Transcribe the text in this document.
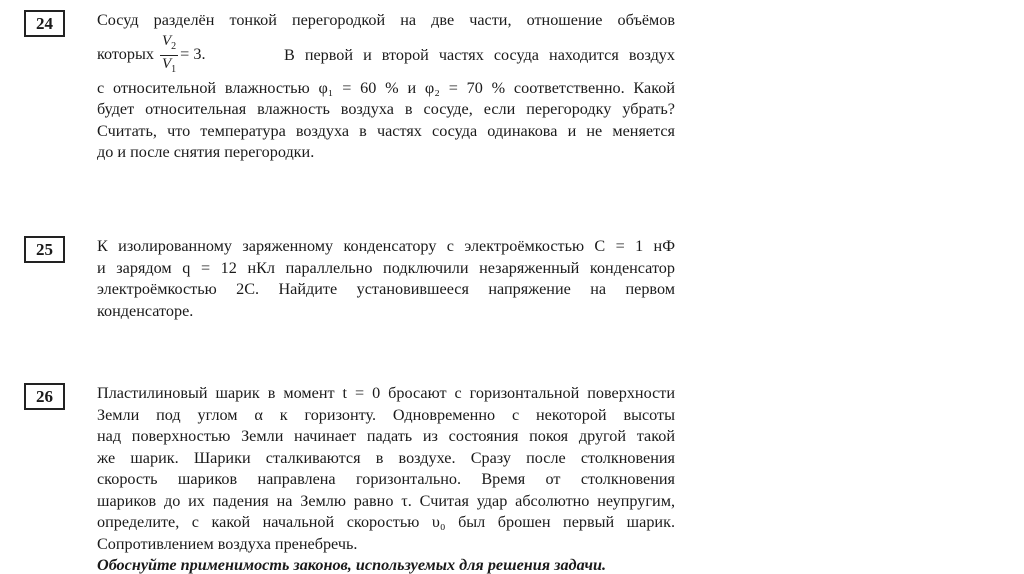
24	Сосуд разделён тонкой перегородкой на две части, отношение объёмов
которых $\frac{V_2}{V_1} = 3$.	В первой и второй частях сосуда находится воздух
с относительной влажностью φ₁ = 60 % и φ₂ = 70 % соответственно. Какой
будет относительная влажность воздуха в сосуде, если перегородку убрать?
Считать, что температура воздуха в частях сосуда одинакова и не меняется
до и после снятия перегородки.
25	К изолированному заряженному конденсатору с электроёмкостью C = 1 нФ
и зарядом q = 12 нКл параллельно подключили незаряженный конденсатор
электроёмкостью 2C. Найдите установившееся напряжение на первом
конденсаторе.
26	Пластилиновый шарик в момент t = 0 бросают с горизонтальной поверхности
Земли под углом α к горизонту. Одновременно с некоторой высоты
над поверхностью Земли начинает падать из состояния покоя другой такой
же шарик. Шарики сталкиваются в воздухе. Сразу после столкновения
скорость шариков направлена горизонтально. Время от столкновения
шариков до их падения на Землю равно τ. Считая удар абсолютно неупругим,
определите, с какой начальной скоростью υ₀ был брошен первый шарик.
Сопротивлением воздуха пренебречь.
Обоснуйте применимость законов, используемых для решения задачи.
